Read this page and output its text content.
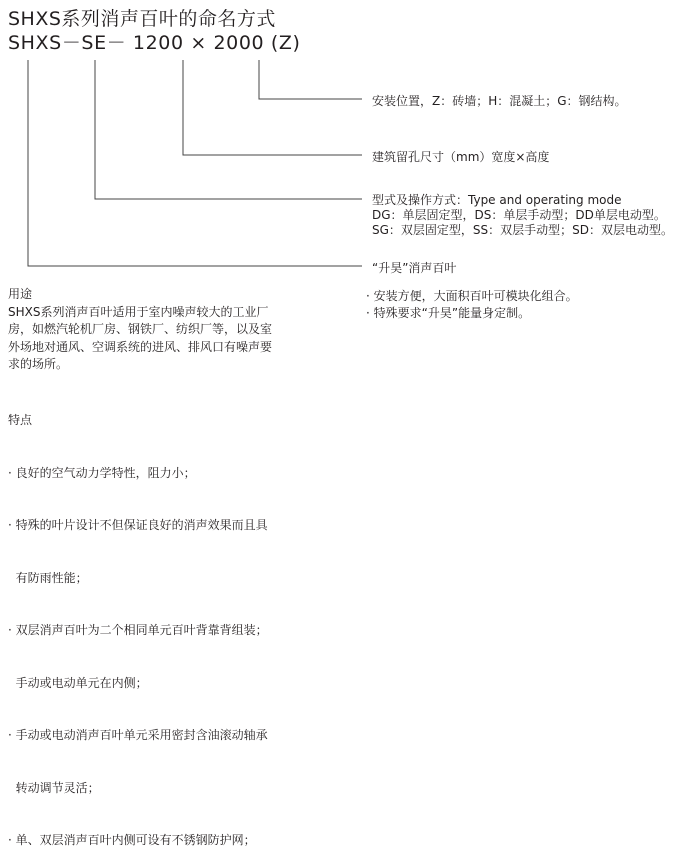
SHXS系列消声百叶的命名方式
SHXS－SE－ 1200 × 2000 (Z)
安装位置，Z：砖墙；H：混凝土；G：钢结构。
建筑留孔尺寸（mm）宽度×高度
型式及操作方式：Type and operating mode
DG：单层固定型，DS：单层手动型；DD单层电动型。
SG：双层固定型，SS：双层手动型；SD：双层电动型。
“升昊”消声百叶
· 安装方便，大面积百叶可模块化组合。
· 特殊要求“升昊”能量身定制。
用途
SHXS系列消声百叶适用于室内噪声较大的工业厂
房，如燃汽轮机厂房、钢铁厂、纺织厂等，以及室
外场地对通风、空调系统的进风、排风口有噪声要
求的场所。

特点

· 良好的空气动力学特性，阻力小；

· 特殊的叶片设计不但保证良好的消声效果而且具

有防雨性能；

· 双层消声百叶为二个相同单元百叶背靠背组装；

手动或电动单元在内侧；

· 手动或电动消声百叶单元采用密封含油滚动轴承

转动调节灵活；

· 单、双层消声百叶内侧可设有不锈钢防护网；
